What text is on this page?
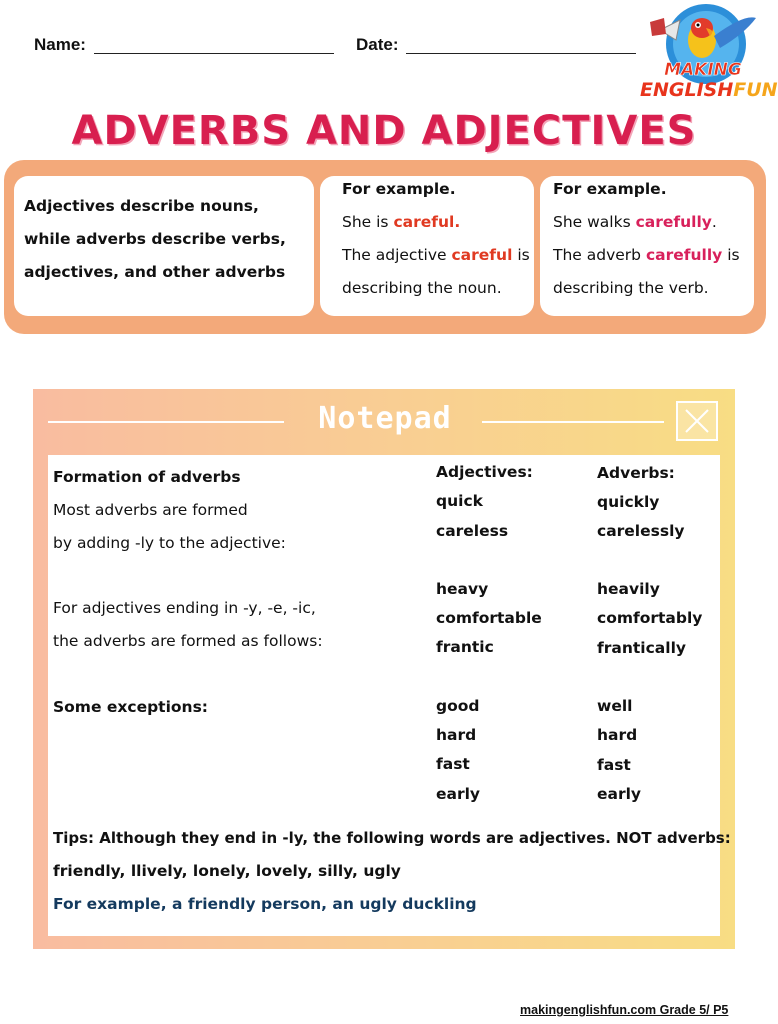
Name:	Date:
MAKING
ENGLISHFUN
ADVERBS AND ADJECTIVES
Adjectives describe nouns, while adverbs describe verbs, adjectives, and other adverbs
For example.
She is careful.
The adjective careful is
describing the noun.
For example.
She walks carefully.
The adverb carefully is
describing the verb.
Notepad
Formation of adverbs
Most adverbs are formed
by adding -ly to the adjective:
For adjectives ending in -y, -e, -ic,
the adverbs are formed as follows:
Some exceptions:
Adjectives:	Adverbs:
quick	quickly
careless	carelessly
heavy	heavily
comfortable	comfortably
frantic	frantically
good	well
hard	hard
fast	fast
early	early
Tips: Although they end in -ly, the following words are adjectives. NOT adverbs:
friendly, llively, lonely, lovely, silly, ugly
For example, a friendly person, an ugly duckling
makingenglishfun.com Grade 5/ P5
